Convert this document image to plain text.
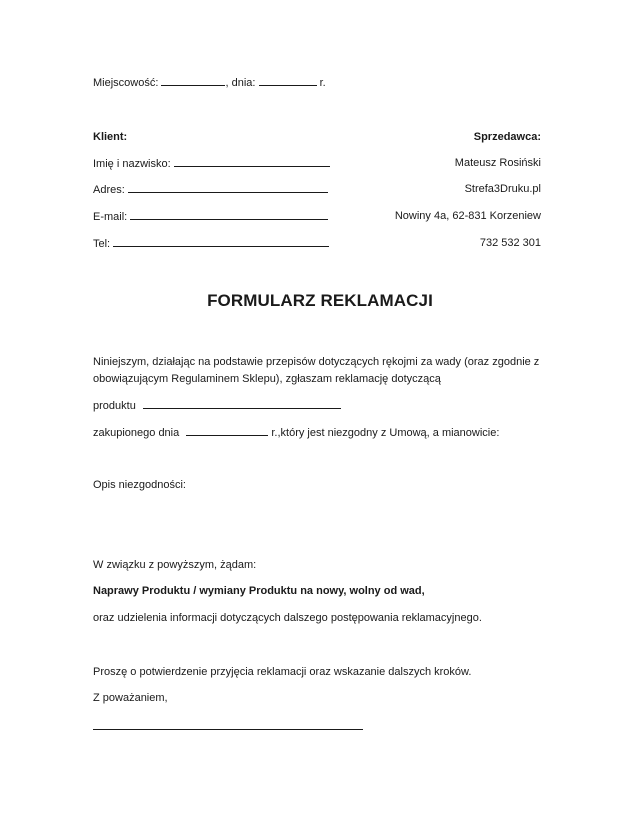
Miejscowość:	, dnia:	r.
Klient:
Imię i nazwisko:
Adres:
E-mail:
Tel:
Sprzedawca:
Mateusz Rosiński
Strefa3Druku.pl
Nowiny 4a, 62-831 Korzeniew
732 532 301
FORMULARZ REKLAMACJI
Niniejszym, działając na podstawie przepisów dotyczących rękojmi za wady (oraz zgodnie z
obowiązującym Regulaminem Sklepu), zgłaszam reklamację dotyczącą
produktu
zakupionego dnia	r.,który jest niezgodny z Umową, a mianowicie:
Opis niezgodności:
W związku z powyższym, żądam:
Naprawy Produktu / wymiany Produktu na nowy, wolny od wad,
oraz udzielenia informacji dotyczących dalszego postępowania reklamacyjnego.
Proszę o potwierdzenie przyjęcia reklamacji oraz wskazanie dalszych kroków.
Z poważaniem,
